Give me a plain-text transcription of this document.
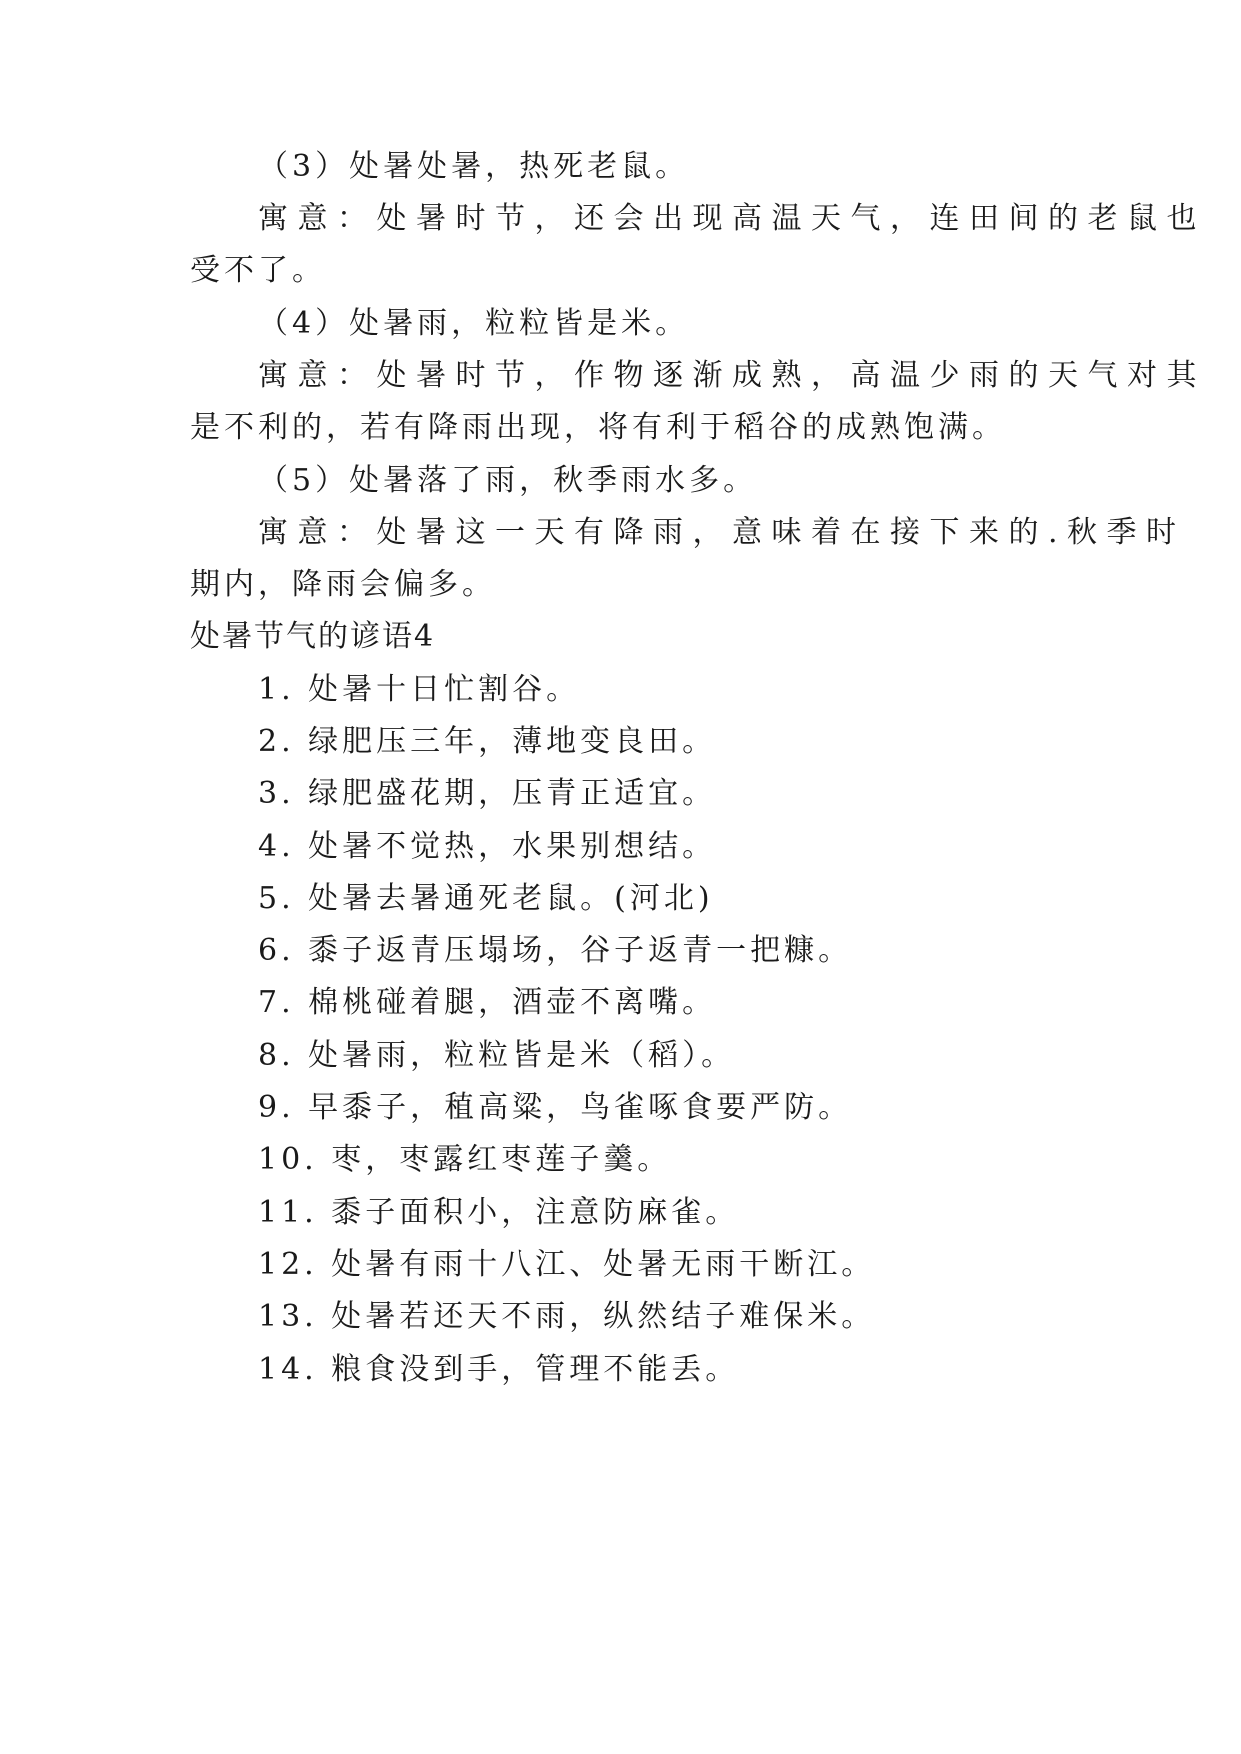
（3）处暑处暑，热死老鼠。
寓意：处暑时节，还会出现高温天气，连田间的老鼠也
受不了。
（4）处暑雨，粒粒皆是米。
寓意：处暑时节，作物逐渐成熟，高温少雨的天气对其
是不利的，若有降雨出现，将有利于稻谷的成熟饱满。
（5）处暑落了雨，秋季雨水多。
寓意：处暑这一天有降雨，意味着在接下来的.秋季时
期内，降雨会偏多。
处暑节气的谚语4
1. 处暑十日忙割谷。
2. 绿肥压三年，薄地变良田。
3. 绿肥盛花期，压青正适宜。
4. 处暑不觉热，水果别想结。
5. 处暑去暑通死老鼠。(河北)
6. 黍子返青压塌场，谷子返青一把糠。
7. 棉桃碰着腿，酒壶不离嘴。
8. 处暑雨，粒粒皆是米（稻）。
9. 早黍子，稙高粱，鸟雀啄食要严防。
10. 枣，枣露红枣莲子羹。
11. 黍子面积小，注意防麻雀。
12. 处暑有雨十八江、处暑无雨干断江。
13. 处暑若还天不雨，纵然结子难保米。
14. 粮食没到手，管理不能丢。
